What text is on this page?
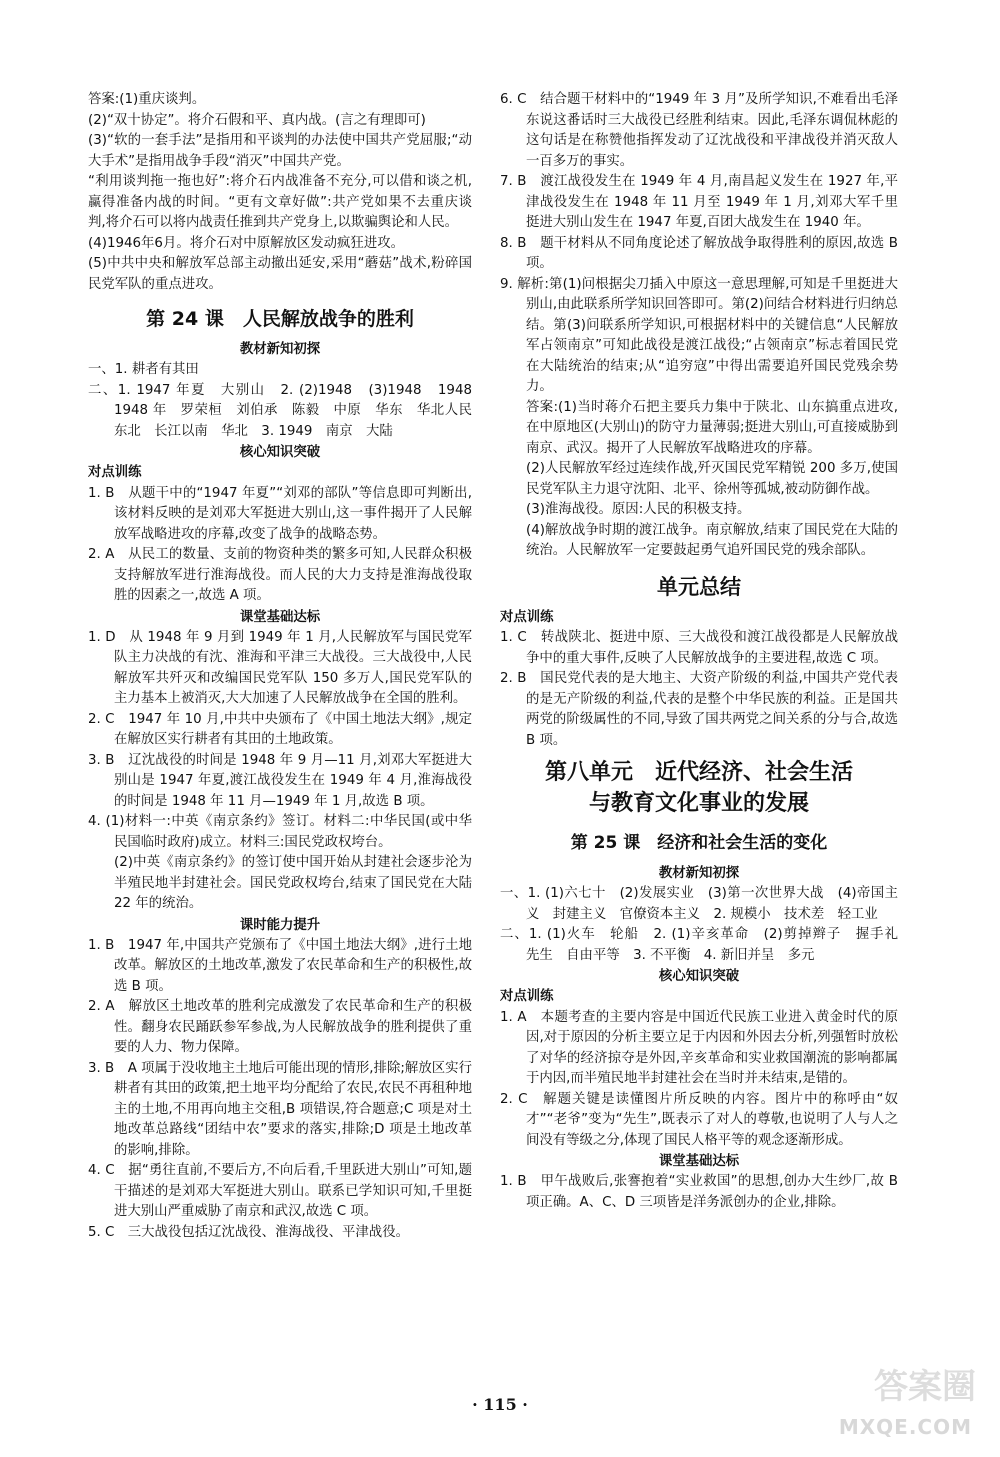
答案:(1)重庆谈判。

(2)“双十协定”。将介石假和平、真内战。(言之有理即可)

(3)“软的一套手法”是指用和平谈判的办法使中国共产党屈服;“动大手术”是指用战争手段“消灭”中国共产党。

“利用谈判拖一拖也好”:将介石内战准备不充分,可以借和谈之机,赢得准备内战的时间。“更有文章好做”:共产党如果不去重庆谈判,将介石可以将内战责任推到共产党身上,以欺骗舆论和人民。

(4)1946年6月。将介石对中原解放区发动疯狂进攻。

(5)中共中央和解放军总部主动撤出延安,采用“蘑菇”战术,粉碎国民党军队的重点进攻。

第 24 课　人民解放战争的胜利
教材新知初探

一、1. 耕者有其田

二、1. 1947 年夏　大别山　2. (2)1948　(3)1948　1948　1948 年　罗荣桓　刘伯承　陈毅　中原　华东　华北人民　东北　长江以南　华北　3. 1949　南京　大陆

核心知识突破
对点训练

1. B　从题干中的“1947 年夏”“刘邓的部队”等信息即可判断出,该材料反映的是刘邓大军挺进大别山,这一事件揭开了人民解放军战略进攻的序幕,改变了战争的战略态势。

2. A　从民工的数量、支前的物资种类的繁多可知,人民群众积极支持解放军进行淮海战役。而人民的大力支持是淮海战役取胜的因素之一,故选 A 项。

课堂基础达标

1. D　从 1948 年 9 月到 1949 年 1 月,人民解放军与国民党军队主力决战的有沈、淮海和平津三大战役。三大战役中,人民解放军共歼灭和改编国民党军队 150 多万人,国民党军队的主力基本上被消灭,大大加速了人民解放战争在全国的胜利。

2. C　1947 年 10 月,中共中央颁布了《中国土地法大纲》,规定在解放区实行耕者有其田的土地政策。

3. B　辽沈战役的时间是 1948 年 9 月—11 月,刘邓大军挺进大别山是 1947 年夏,渡江战役发生在 1949 年 4 月,淮海战役的时间是 1948 年 11 月—1949 年 1 月,故选 B 项。

4. (1)材料一:中英《南京条约》签订。材料二:中华民国(或中华民国临时政府)成立。材料三:国民党政权垮台。

(2)中英《南京条约》的签订使中国开始从封建社会逐步沦为半殖民地半封建社会。国民党政权垮台,结束了国民党在大陆 22 年的统治。

课时能力提升

1. B　1947 年,中国共产党颁布了《中国土地法大纲》,进行土地改革。解放区的土地改革,激发了农民革命和生产的积极性,故选 B 项。

2. A　解放区土地改革的胜利完成激发了农民革命和生产的积极性。翻身农民踊跃参军参战,为人民解放战争的胜利提供了重要的人力、物力保障。

3. B　A 项属于没收地主土地后可能出现的情形,排除;解放区实行耕者有其田的政策,把土地平均分配给了农民,农民不再租种地主的土地,不用再向地主交租,B 项错误,符合题意;C 项是对土地改革总路线“团结中农”要求的落实,排除;D 项是土地改革的影响,排除。

4. C　据“勇往直前,不要后方,不向后看,千里跃进大别山”可知,题干描述的是刘邓大军挺进大别山。联系已学知识可知,千里挺进大别山严重威胁了南京和武汉,故选 C 项。

5. C　三大战役包括辽沈战役、淮海战役、平津战役。

6. C　结合题干材料中的“1949 年 3 月”及所学知识,不难看出毛泽东说这番话时三大战役已经胜利结束。因此,毛泽东调侃林彪的这句话是在称赞他指挥发动了辽沈战役和平津战役并消灭敌人一百多万的事实。

7. B　渡江战役发生在 1949 年 4 月,南昌起义发生在 1927 年,平津战役发生在 1948 年 11 月至 1949 年 1 月,刘邓大军千里挺进大别山发生在 1947 年夏,百团大战发生在 1940 年。

8. B　题干材料从不同角度论述了解放战争取得胜利的原因,故选 B 项。

9. 解析:第(1)问根据尖刀插入中原这一意思理解,可知是千里挺进大别山,由此联系所学知识回答即可。第(2)问结合材料进行归纳总结。第(3)问联系所学知识,可根据材料中的关键信息“人民解放军占领南京”可知此战役是渡江战役;“占领南京”标志着国民党在大陆统治的结束;从“追穷寇”中得出需要追歼国民党残余势力。

答案:(1)当时蒋介石把主要兵力集中于陕北、山东搞重点进攻,在中原地区(大别山)的防守力量薄弱;挺进大别山,可直接威胁到南京、武汉。揭开了人民解放军战略进攻的序幕。

(2)人民解放军经过连续作战,歼灭国民党军精锐 200 多万,使国民党军队主力退守沈阳、北平、徐州等孤城,被动防御作战。

(3)淮海战役。原因:人民的积极支持。

(4)解放战争时期的渡江战争。南京解放,结束了国民党在大陆的统治。人民解放军一定要鼓起勇气追歼国民党的残余部队。

单元总结
对点训练

1. C　转战陕北、挺进中原、三大战役和渡江战役都是人民解放战争中的重大事件,反映了人民解放战争的主要进程,故选 C 项。

2. B　国民党代表的是大地主、大资产阶级的利益,中国共产党代表的是无产阶级的利益,代表的是整个中华民族的利益。正是国共两党的阶级属性的不同,导致了国共两党之间关系的分与合,故选 B 项。

第八单元　近代经济、社会生活
与教育文化事业的发展
第 25 课　经济和社会生活的变化
教材新知初探

一、1. (1)六七十　(2)发展实业　(3)第一次世界大战　(4)帝国主义　封建主义　官僚资本主义　2. 规模小　技术差　轻工业

二、1. (1)火车　轮船　2. (1)辛亥革命　(2)剪掉辫子　握手礼　先生　自由平等　3. 不平衡　4. 新旧并呈　多元

核心知识突破
对点训练

1. A　本题考查的主要内容是中国近代民族工业进入黄金时代的原因,对于原因的分析主要立足于内因和外因去分析,列强暂时放松了对华的经济掠夺是外因,辛亥革命和实业救国潮流的影响都属于内因,而半殖民地半封建社会在当时并未结束,是错的。

2. C　解题关键是读懂图片所反映的内容。图片中的称呼由“奴才”“老爷”变为“先生”,既表示了对人的尊敬,也说明了人与人之间没有等级之分,体现了国民人格平等的观念逐渐形成。

课堂基础达标

1. B　甲午战败后,张謇抱着“实业救国”的思想,创办大生纱厂,故 B 项正确。A、C、D 三项皆是洋务派创办的企业,排除。

· 115 ·	答案圈
MXQE.COM
